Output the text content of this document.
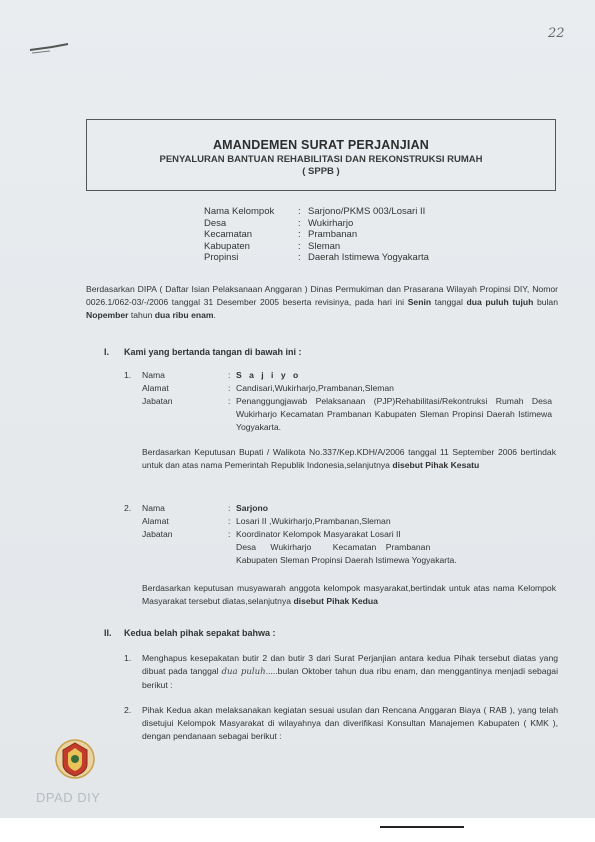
22
AMANDEMEN SURAT PERJANJIAN
PENYALURAN BANTUAN REHABILITASI DAN REKONSTRUKSI RUMAH
( SPPB )
Nama Kelompok	: Sarjono/PKMS 003/Losari II
Desa	: Wukirharjo
Kecamatan	: Prambanan
Kabupaten	: Sleman
Propinsi	: Daerah Istimewa Yogyakarta
Berdasarkan DIPA ( Daftar Isian Pelaksanaan Anggaran ) Dinas Permukiman dan Prasarana Wilayah Propinsi DIY, Nomor 0026.1/062-03/-/2006 tanggal 31 Desember 2005 beserta revisinya, pada hari ini Senin tanggal dua puluh tujuh bulan Nopember tahun dua ribu enam.
I. Kami yang bertanda tangan di bawah ini :
1.	Nama	: S a j i y o
Alamat	: Candisari,Wukirharjo,Prambanan,Sleman
Jabatan	: Penanggungjawab Pelaksanaan (PJP)Rehabilitasi/Rekontruksi Rumah Desa Wukirharjo Kecamatan Prambanan Kabupaten Sleman Propinsi Daerah Istimewa Yogyakarta.
Berdasarkan Keputusan Bupati / Walikota No.337/Kep.KDH/A/2006 tanggal 11 September 2006 bertindak untuk dan atas nama Pemerintah Republik Indonesia,selanjutnya disebut Pihak Kesatu
2.	Nama	: Sarjono
Alamat	: Losari II ,Wukirharjo,Prambanan,Sleman
Jabatan	: Koordinator Kelompok Masyarakat Losari II
Desa      Wukirharjo         Kecamatan    Prambanan
Kabupaten Sleman Propinsi Daerah Istimewa Yogyakarta.
Berdasarkan keputusan musyawarah anggota kelompok masyarakat,bertindak untuk atas nama Kelompok Masyarakat tersebut diatas,selanjutnya disebut Pihak Kedua
II. Kedua belah pihak sepakat bahwa :
1.	Menghapus kesepakatan butir 2 dan butir 3 dari Surat Perjanjian antara kedua Pihak tersebut diatas yang dibuat pada tanggal dua puluh.....bulan Oktober tahun dua ribu enam, dan menggantinya menjadi sebagai berikut :
2.	Pihak Kedua akan melaksanakan kegiatan sesuai usulan dan Rencana Anggaran Biaya ( RAB ), yang telah disetujui Kelompok Masyarakat di wilayahnya dan diverifikasi Konsultan Manajemen Kabupaten ( KMK ), dengan pendanaan sebagai berikut :
DPAD DIY
